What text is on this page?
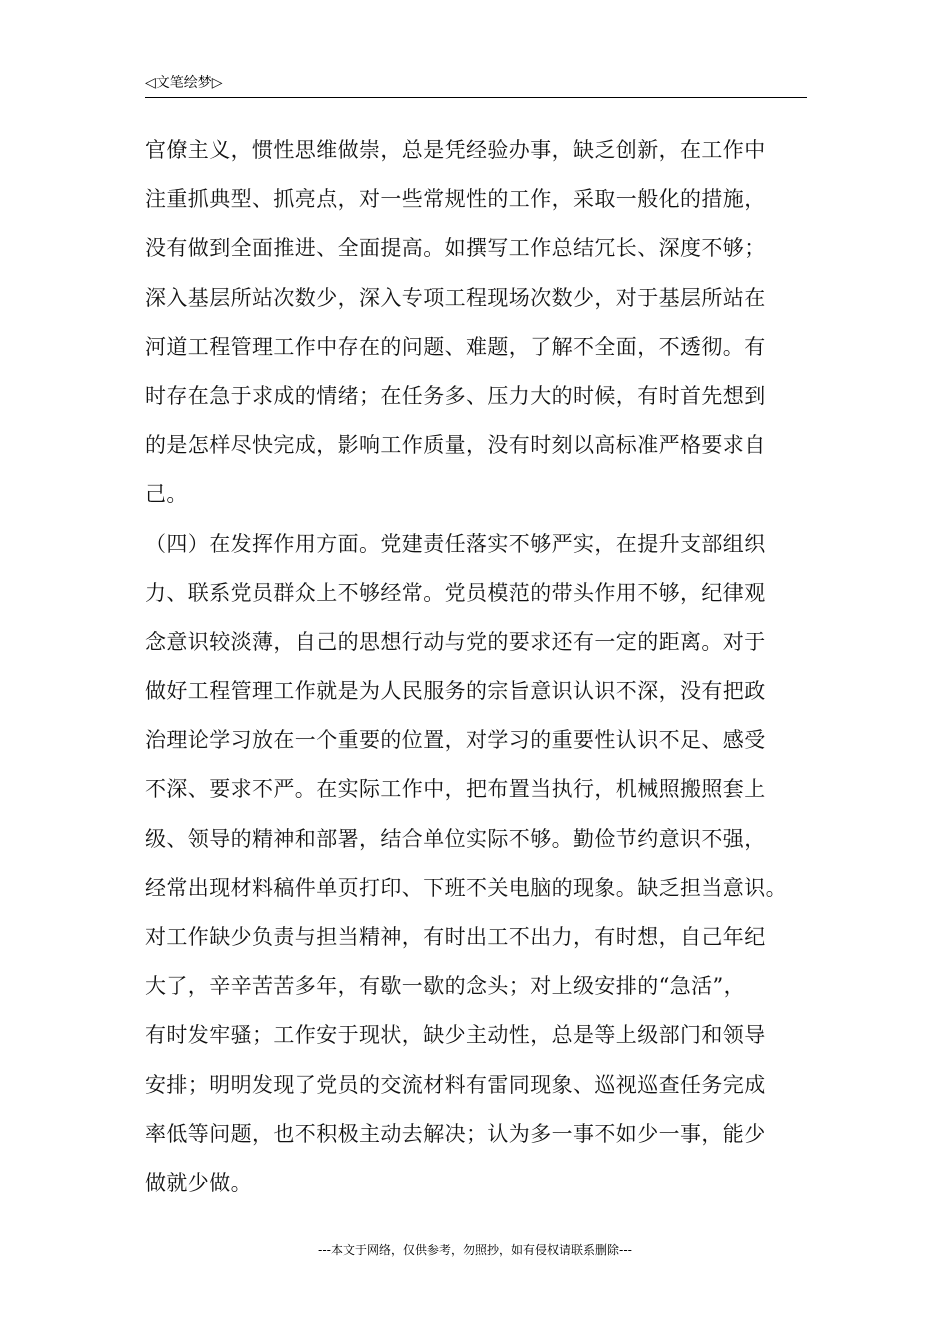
◁文笔绘梦▷
官僚主义，惯性思维做崇，总是凭经验办事，缺乏创新，在工作中
注重抓典型、抓亮点，对一些常规性的工作，采取一般化的措施，
没有做到全面推进、全面提高。如撰写工作总结冗长、深度不够；
深入基层所站次数少，深入专项工程现场次数少，对于基层所站在
河道工程管理工作中存在的问题、难题，了解不全面，不透彻。有
时存在急于求成的情绪；在任务多、压力大的时候，有时首先想到
的是怎样尽快完成，影响工作质量，没有时刻以高标准严格要求自
己。
（四）在发挥作用方面。党建责任落实不够严实，在提升支部组织
力、联系党员群众上不够经常。党员模范的带头作用不够，纪律观
念意识较淡薄，自己的思想行动与党的要求还有一定的距离。对于
做好工程管理工作就是为人民服务的宗旨意识认识不深，没有把政
治理论学习放在一个重要的位置，对学习的重要性认识不足、感受
不深、要求不严。在实际工作中，把布置当执行，机械照搬照套上
级、领导的精神和部署，结合单位实际不够。勤俭节约意识不强，
经常出现材料稿件单页打印、下班不关电脑的现象。缺乏担当意识。
对工作缺少负责与担当精神，有时出工不出力，有时想，自己年纪
大了，辛辛苦苦多年，有歇一歇的念头；对上级安排的“急活”，
有时发牢骚；工作安于现状，缺少主动性，总是等上级部门和领导
安排；明明发现了党员的交流材料有雷同现象、巡视巡查任务完成
率低等问题，也不积极主动去解决；认为多一事不如少一事，能少
做就少做。
---本文于网络，仅供参考，勿照抄，如有侵权请联系删除---
